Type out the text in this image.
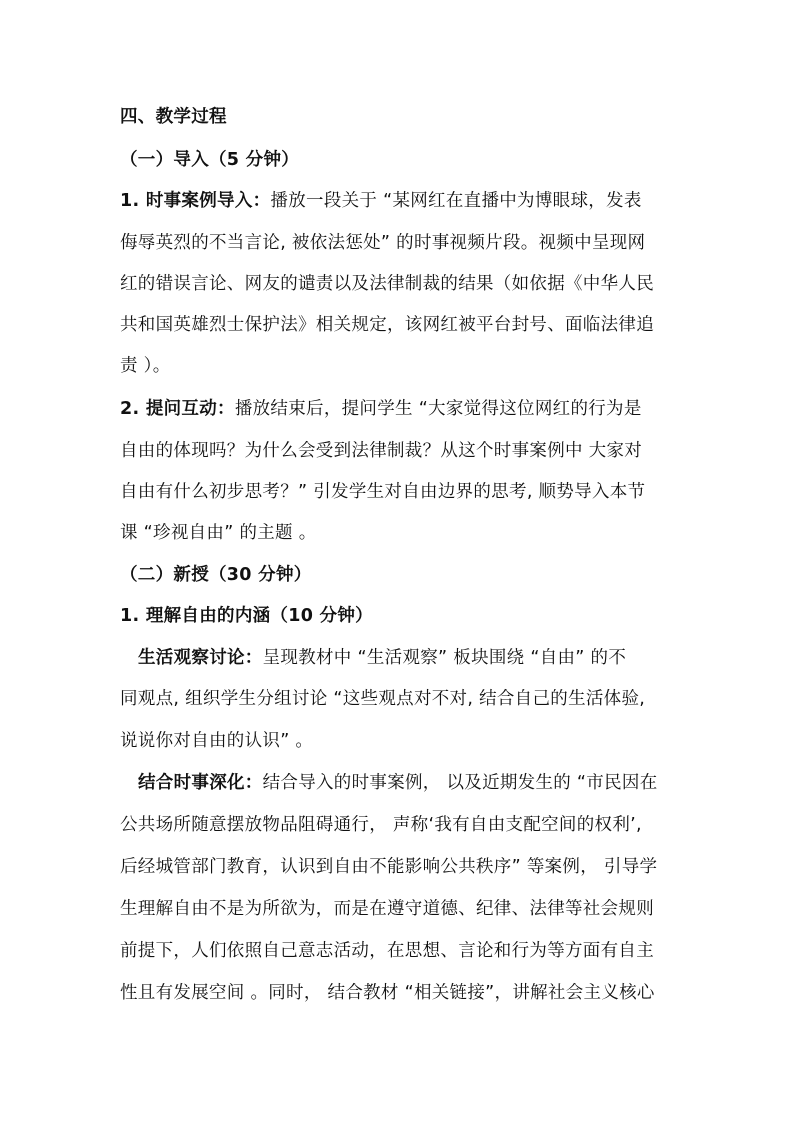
四、教学过程
（一）导入（5 分钟）
1. 时事案例导入：播放一段关于 “某网红在直播中为博眼球，发表
侮辱英烈的不当言论, 被依法惩处” 的时事视频片段。视频中呈现网
红的错误言论、网友的谴责以及法律制裁的结果（如依据《中华人民
共和国英雄烈士保护法》相关规定，该网红被平台封号、面临法律追
责 ）。
2. 提问互动：播放结束后，提问学生 “大家觉得这位网红的行为是
自由的体现吗？为什么会受到法律制裁？从这个时事案例中 大家对
自由有什么初步思考？” 引发学生对自由边界的思考, 顺势导入本节
课 “珍视自由” 的主题 。
（二）新授（30 分钟）
1. 理解自由的内涵（10 分钟）
生活观察讨论：呈现教材中 “生活观察” 板块围绕 “自由” 的不
同观点, 组织学生分组讨论 “这些观点对不对, 结合自己的生活体验,
说说你对自由的认识” 。
结合时事深化：结合导入的时事案例， 以及近期发生的 “市民因在
公共场所随意摆放物品阻碍通行， 声称‘我有自由支配空间的权利’,
后经城管部门教育，认识到自由不能影响公共秩序” 等案例， 引导学
生理解自由不是为所欲为，而是在遵守道德、纪律、法律等社会规则
前提下，人们依照自己意志活动，在思想、言论和行为等方面有自主
性且有发展空间 。同时， 结合教材 “相关链接”，讲解社会主义核心
